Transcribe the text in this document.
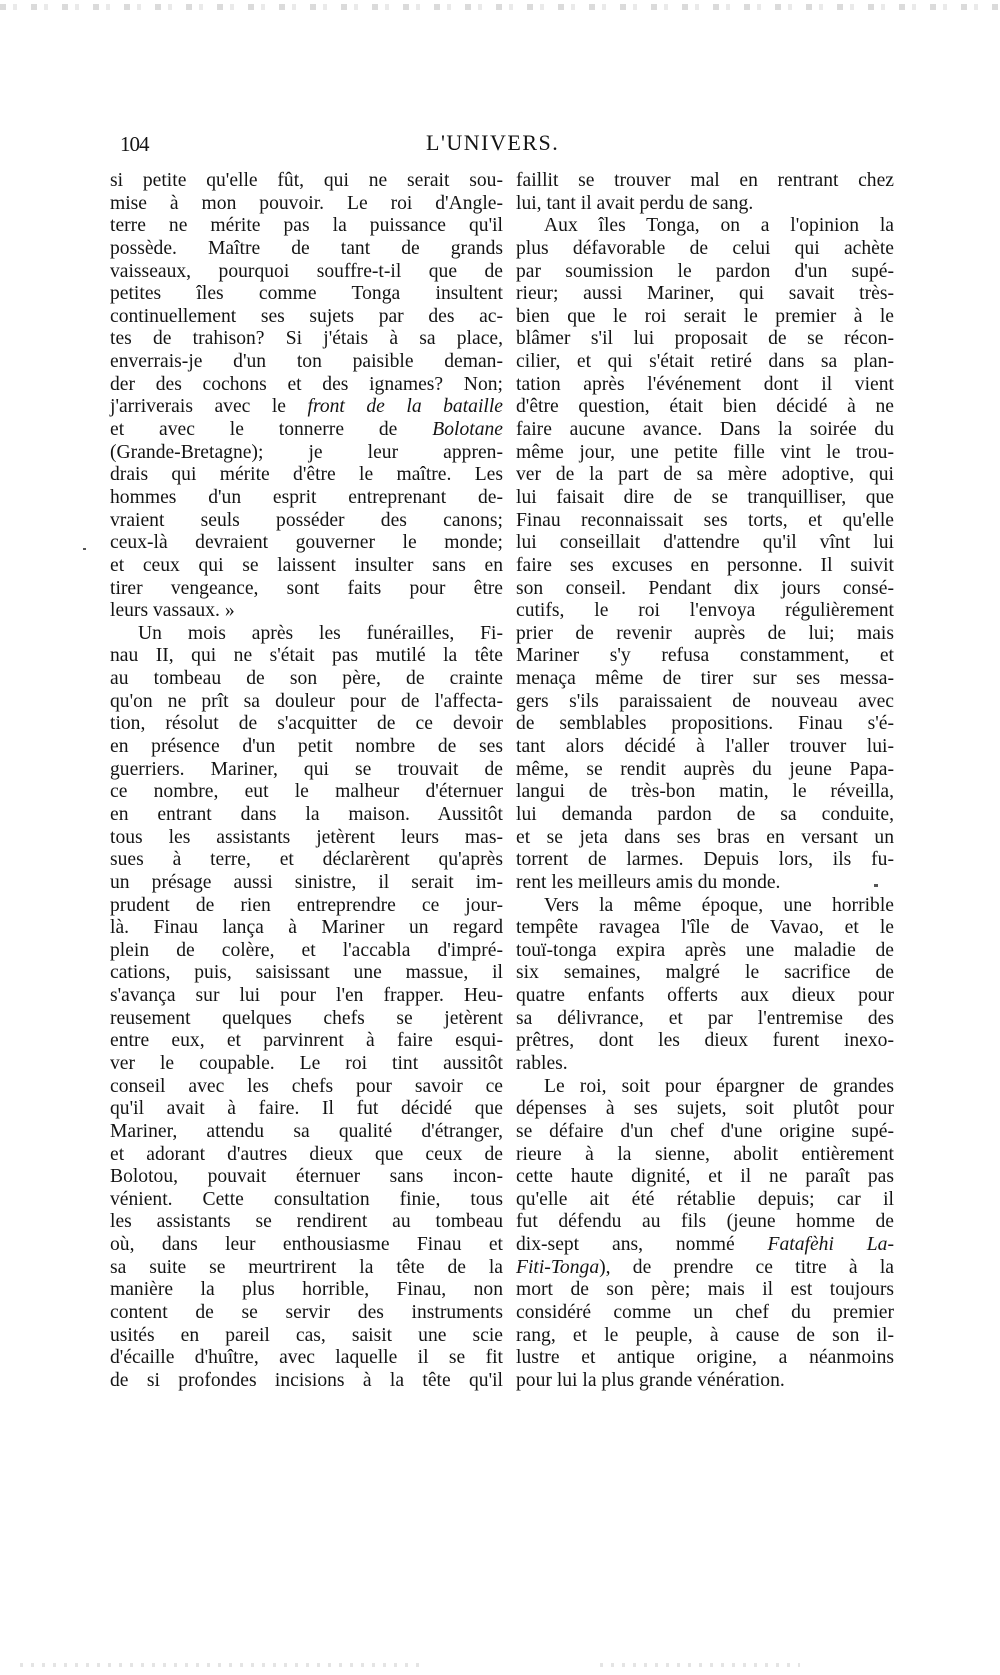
104	L'UNIVERS.
si petite qu'elle fût, qui ne serait sou-
mise à mon pouvoir. Le roi d'Angle-
terre ne mérite pas la puissance qu'il
possède. Maître de tant de grands
vaisseaux, pourquoi souffre-t-il que de
petites îles comme Tonga insultent
continuellement ses sujets par des ac-
tes de trahison? Si j'étais à sa place,
enverrais-je d'un ton paisible deman-
der des cochons et des ignames? Non;
j'arriverais avec le front de la bataille
et avec le tonnerre de Bolotane
(Grande-Bretagne); je leur appren-
drais qui mérite d'être le maître. Les
hommes d'un esprit entreprenant de-
vraient seuls posséder des canons;
ceux-là devraient gouverner le monde;
et ceux qui se laissent insulter sans en
tirer vengeance, sont faits pour être
leurs vassaux. »
Un mois après les funérailles, Fi-
nau II, qui ne s'était pas mutilé la tête
au tombeau de son père, de crainte
qu'on ne prît sa douleur pour de l'affecta-
tion, résolut de s'acquitter de ce devoir
en présence d'un petit nombre de ses
guerriers. Mariner, qui se trouvait de
ce nombre, eut le malheur d'éternuer
en entrant dans la maison. Aussitôt
tous les assistants jetèrent leurs mas-
sues à terre, et déclarèrent qu'après
un présage aussi sinistre, il serait im-
prudent de rien entreprendre ce jour-
là. Finau lança à Mariner un regard
plein de colère, et l'accabla d'impré-
cations, puis, saisissant une massue, il
s'avança sur lui pour l'en frapper. Heu-
reusement quelques chefs se jetèrent
entre eux, et parvinrent à faire esqui-
ver le coupable. Le roi tint aussitôt
conseil avec les chefs pour savoir ce
qu'il avait à faire. Il fut décidé que
Mariner, attendu sa qualité d'étranger,
et adorant d'autres dieux que ceux de
Bolotou, pouvait éternuer sans incon-
vénient. Cette consultation finie, tous
les assistants se rendirent au tombeau
où, dans leur enthousiasme Finau et
sa suite se meurtrirent la tête de la
manière la plus horrible, Finau, non
content de se servir des instruments
usités en pareil cas, saisit une scie
d'écaille d'huître, avec laquelle il se fit
de si profondes incisions à la tête qu'il
faillit se trouver mal en rentrant chez
lui, tant il avait perdu de sang.
Aux îles Tonga, on a l'opinion la
plus défavorable de celui qui achète
par soumission le pardon d'un supé-
rieur; aussi Mariner, qui savait très-
bien que le roi serait le premier à le
blâmer s'il lui proposait de se récon-
cilier, et qui s'était retiré dans sa plan-
tation après l'événement dont il vient
d'être question, était bien décidé à ne
faire aucune avance. Dans la soirée du
même jour, une petite fille vint le trou-
ver de la part de sa mère adoptive, qui
lui faisait dire de se tranquilliser, que
Finau reconnaissait ses torts, et qu'elle
lui conseillait d'attendre qu'il vînt lui
faire ses excuses en personne. Il suivit
son conseil. Pendant dix jours consé-
cutifs, le roi l'envoya régulièrement
prier de revenir auprès de lui; mais
Mariner s'y refusa constamment, et
menaça même de tirer sur ses messa-
gers s'ils paraissaient de nouveau avec
de semblables propositions. Finau s'é-
tant alors décidé à l'aller trouver lui-
même, se rendit auprès du jeune Papa-
langui de très-bon matin, le réveilla,
lui demanda pardon de sa conduite,
et se jeta dans ses bras en versant un
torrent de larmes. Depuis lors, ils fu-
rent les meilleurs amis du monde.
Vers la même époque, une horrible
tempête ravagea l'île de Vavao, et le
touï-tonga expira après une maladie de
six semaines, malgré le sacrifice de
quatre enfants offerts aux dieux pour
sa délivrance, et par l'entremise des
prêtres, dont les dieux furent inexo-
rables.
Le roi, soit pour épargner de grandes
dépenses à ses sujets, soit plutôt pour
se défaire d'un chef d'une origine supé-
rieure à la sienne, abolit entièrement
cette haute dignité, et il ne paraît pas
qu'elle ait été rétablie depuis; car il
fut défendu au fils (jeune homme de
dix-sept ans, nommé Fatafèhi La-
Fiti-Tonga), de prendre ce titre à la
mort de son père; mais il est toujours
considéré comme un chef du premier
rang, et le peuple, à cause de son il-
lustre et antique origine, a néanmoins
pour lui la plus grande vénération.
